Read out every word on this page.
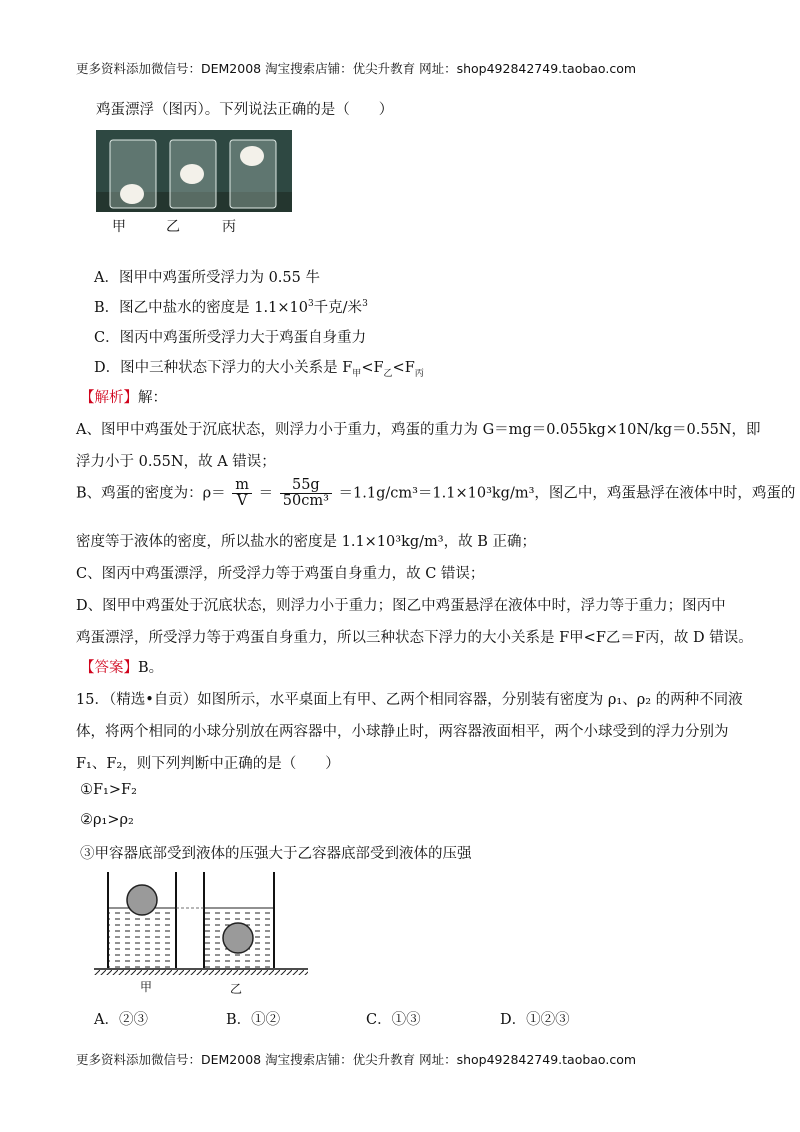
更多资料添加微信号：DEM2008 淘宝搜索店铺：优尖升教育 网址：shop492842749.taobao.com
鸡蛋漂浮（图丙）。下列说法正确的是（　　）
甲	乙	丙
A．图甲中鸡蛋所受浮力为 0.55 牛
B．图乙中盐水的密度是 $1.1\times 10^3$千克/米$^3$
C．图丙中鸡蛋所受浮力大于鸡蛋自身重力
D．图中三种状态下浮力的大小关系是 $F_甲<F_乙<F_丙$
【解析】解：
A、图甲中鸡蛋处于沉底状态，则浮力小于重力，鸡蛋的重力为 G＝mg＝0.055kg×10N/kg＝0.55N，即
浮力小于 0.55N，故 A 错误；
B、鸡蛋的密度为：$\rho= \frac{m}{V} = \frac{55g}{\text{50cm³}} =1.1g/cm^3=1.1\times 10^3kg/m^3$，图乙中，鸡蛋悬浮在液体中时，鸡蛋的
密度等于液体的密度，所以盐水的密度是 1.1×10³kg/m³，故 B 正确；
C、图丙中鸡蛋漂浮，所受浮力等于鸡蛋自身重力，故 C 错误；
D、图甲中鸡蛋处于沉底状态，则浮力小于重力；图乙中鸡蛋悬浮在液体中时，浮力等于重力；图丙中
鸡蛋漂浮，所受浮力等于鸡蛋自身重力，所以三种状态下浮力的大小关系是 F甲<F乙＝F丙，故 D 错误。
【答案】B。
15．（精选•自贡）如图所示，水平桌面上有甲、乙两个相同容器，分别装有密度为 ρ₁、ρ₂ 的两种不同液
体，将两个相同的小球分别放在两容器中，小球静止时，两容器液面相平，两个小球受到的浮力分别为
F₁、F₂，则下列判断中正确的是（　　）
①F₁>F₂
②ρ₁>ρ₂
③甲容器底部受到液体的压强大于乙容器底部受到液体的压强
甲	乙
A．②③	B．①②	C．①③	D．①②③
更多资料添加微信号：DEM2008 淘宝搜索店铺：优尖升教育 网址：shop492842749.taobao.com
